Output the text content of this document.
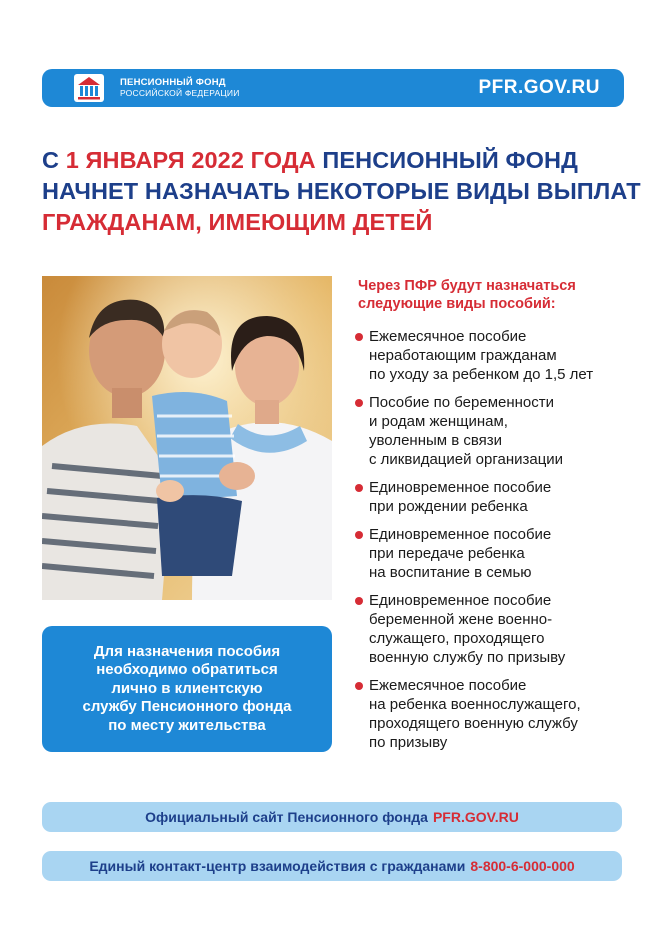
ПЕНСИОННЫЙ ФОНД
РОССИЙСКОЙ ФЕДЕРАЦИИ	PFR.GOV.RU
С 1 ЯНВАРЯ 2022 ГОДА ПЕНСИОННЫЙ ФОНД
НАЧНЕТ НАЗНАЧАТЬ НЕКОТОРЫЕ ВИДЫ ВЫПЛАТ
ГРАЖДАНАМ, ИМЕЮЩИМ ДЕТЕЙ
Для назначения пособия
необходимо обратиться
лично в клиентскую
службу Пенсионного фонда
по месту жительства
Через ПФР будут назначаться
следующие виды пособий:
Ежемесячное пособие
неработающим гражданам
по уходу за ребенком до 1,5 лет
Пособие по беременности
и родам женщинам,
уволенным в связи
с ликвидацией организации
Единовременное пособие
при рождении ребенка
Единовременное пособие
при передаче ребенка
на воспитание в семью
Единовременное пособие
беременной жене военно-
служащего, проходящего
военную службу по призыву
Ежемесячное пособие
на ребенка военнослужащего,
проходящего военную службу
по призыву
Официальный сайт Пенсионного фонда PFR.GOV.RU
Единый контакт-центр взаимодействия с гражданами 8-800-6-000-000
